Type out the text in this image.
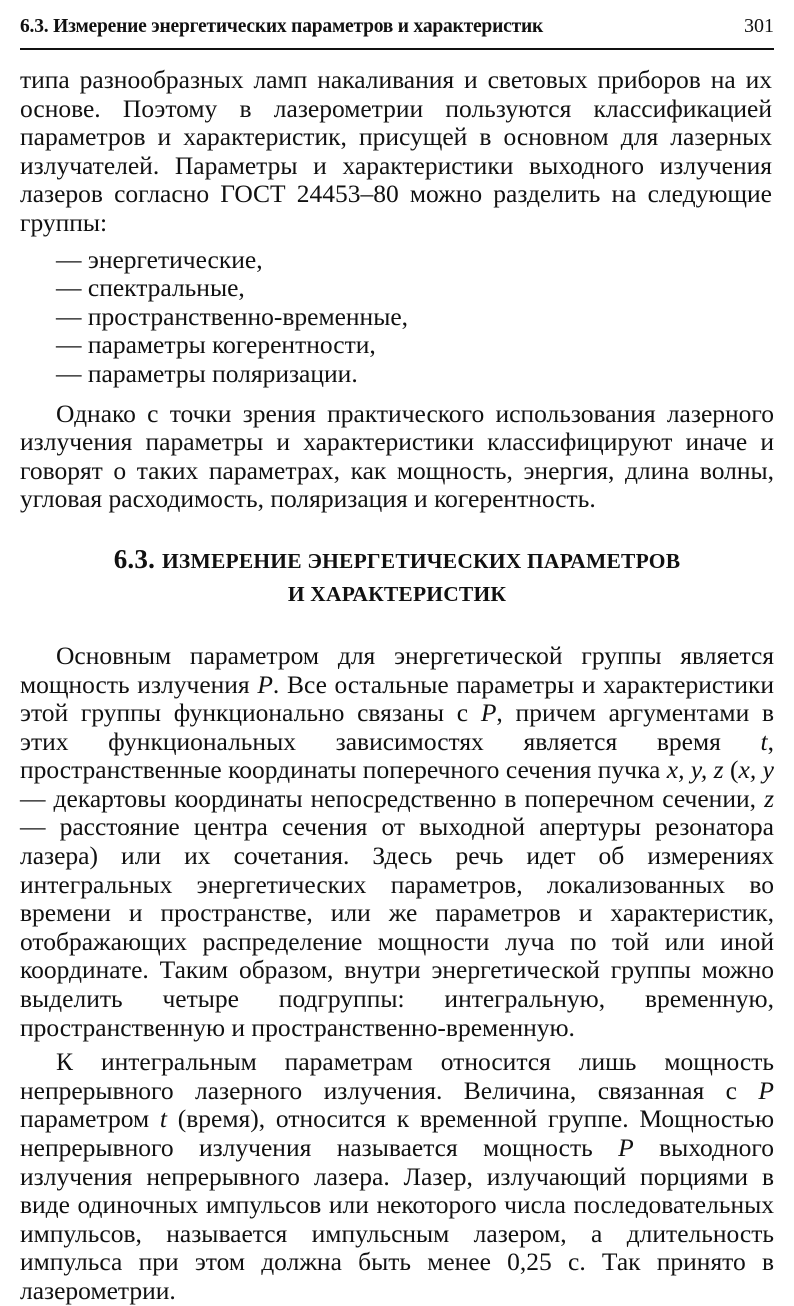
6.3. Измерение энергетических параметров и характеристик	301

типа разнообразных ламп накаливания и световых приборов на их основе. Поэтому в лазерометрии пользуются классификацией параметров и характеристик, присущей в основном для лазерных излучателей. Параметры и характеристики выходного излучения лазеров согласно ГОСТ 24453–80 можно разделить на следующие группы:

— энергетические,
— спектральные,
— пространственно-временные,
— параметры когерентности,
— параметры поляризации.

Однако с точки зрения практического использования лазерного излучения параметры и характеристики классифицируют иначе и говорят о таких параметрах, как мощность, энергия, длина волны, угловая расходимость, поляризация и когерентность.

6.3. ИЗМЕРЕНИЕ ЭНЕРГЕТИЧЕСКИХ ПАРАМЕТРОВ
И ХАРАКТЕРИСТИК

Основным параметром для энергетической группы является мощность излучения P. Все остальные параметры и характеристики этой группы функционально связаны с P, причем аргументами в этих функциональных зависимостях является время t, пространственные координаты поперечного сечения пучка x, y, z (x, y — декартовы координаты непосредственно в поперечном сечении, z — расстояние центра сечения от выходной апертуры резонатора лазера) или их сочетания. Здесь речь идет об измерениях интегральных энергетических параметров, локализованных во времени и пространстве, или же параметров и характеристик, отображающих распределение мощности луча по той или иной координате. Таким образом, внутри энергетической группы можно выделить четыре подгруппы: интегральную, временную, пространственную и пространственно-временную.

К интегральным параметрам относится лишь мощность непрерывного лазерного излучения. Величина, связанная с P параметром t (время), относится к временной группе. Мощностью непрерывного излучения называется мощность P выходного излучения непрерывного лазера. Лазер, излучающий порциями в виде одиночных импульсов или некоторого числа последовательных импульсов, называется импульсным лазером, а длительность импульса при этом должна быть менее 0,25 с. Так принято в лазерометрии.
